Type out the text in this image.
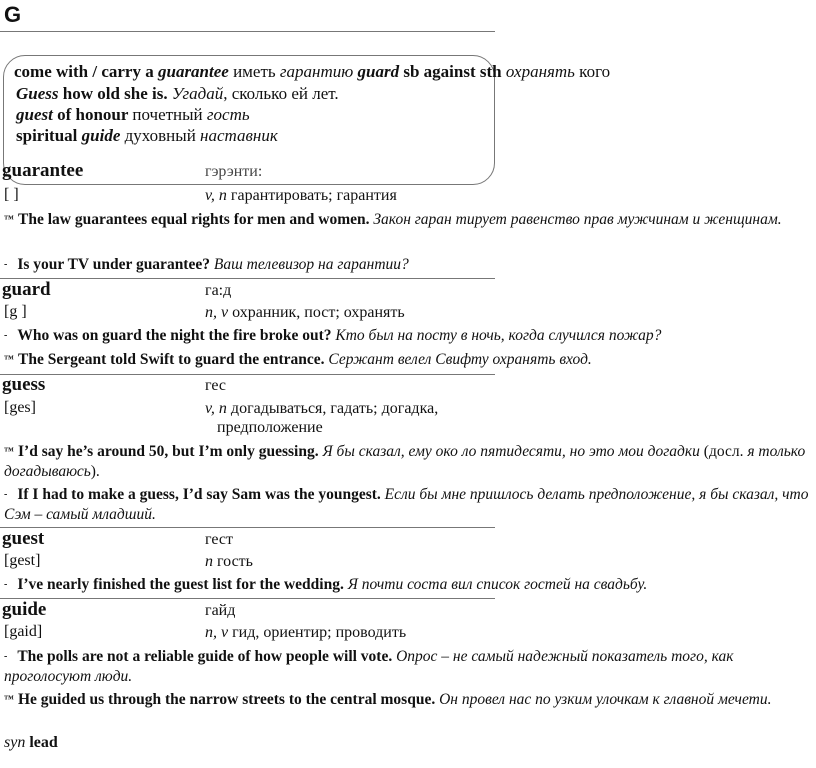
G
come with / carry a guarantee иметь гарантию guard sb against sth охранять кого
Guess how old she is. Угадай, сколько ей лет.
guest of honour почетный гость
spiritual guide духовный наставник
guarantee	гэрэнти:
[ ]	v, n гарантировать; гарантия
™ The law guarantees equal rights for men and women. Закон гаран тирует равенство прав мужчинам и женщинам.
- Is your TV under guarantee? Ваш телевизор на гарантии?
guard	га:д
[g ]	n, v охранник, пост; охранять
- Who was on guard the night the fire broke out? Кто был на посту в ночь, когда случился пожар?
™ The Sergeant told Swift to guard the entrance. Сержант велел Свифту охранять вход.
guess	гес
[ges]	v, n догадываться, гадать; догадка,
предположение
™ I’d say he’s around 50, but I’m only guessing. Я бы сказал, ему око ло пятидесяти, но это мои догадки (досл. я только догадываюсь).
- If I had to make a guess, I’d say Sam was the youngest. Если бы мне пришлось делать предположение, я бы сказал, что Сэм – самый младший.
guest	гест
[gest]	n гость
- I’ve nearly finished the guest list for the wedding. Я почти соста вил список гостей на свадьбу.
guide	гайд
[gaid]	n, v гид, ориентир; проводить
- The polls are not a reliable guide of how people will vote. Опрос – не самый надежный показатель того, как проголосуют люди.
™ He guided us through the narrow streets to the central mosque. Он провел нас по узким улочкам к главной мечети.
syn lead
